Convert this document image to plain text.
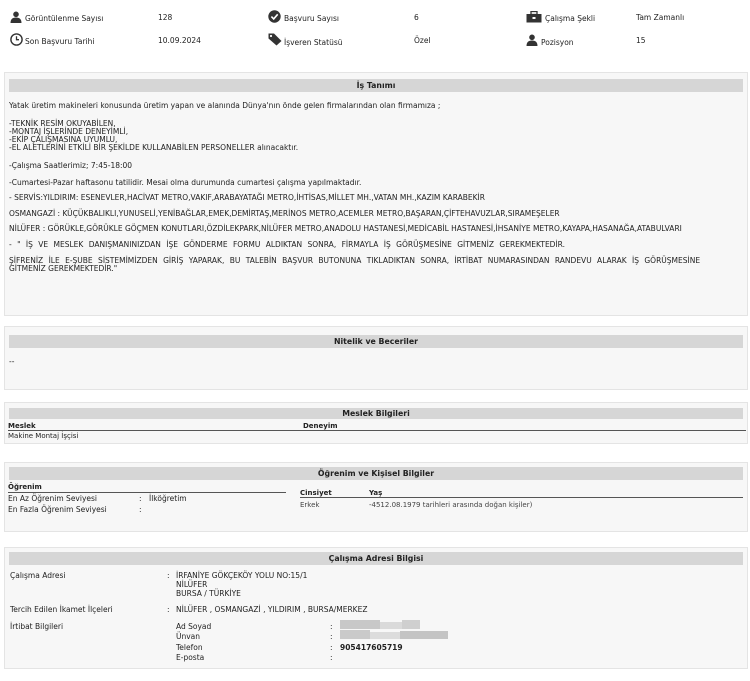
Görüntülenme Sayısı	128	Başvuru Sayısı	6	Çalışma Şekli	Tam Zamanlı
Son Başvuru Tarihi	10.09.2024	İşveren Statüsü	Özel	Pozisyon	15
İş Tanımı
Yatak üretim makineleri konusunda üretim yapan ve alanında Dünya'nın önde gelen firmalarından olan firmamıza ;
-TEKNİK RESİM OKUYABİLEN,
-MONTAJ İŞLERİNDE DENEYİMLİ,
-EKİP ÇALIŞMASINA UYUMLU,
-EL ALETLERİNİ ETKİLİ BİR ŞEKİLDE KULLANABİLEN PERSONELLER alınacaktır.
-Çalışma Saatlerimiz; 7:45-18:00
-Cumartesi-Pazar haftasonu tatilidir. Mesai olma durumunda cumartesi çalışma yapılmaktadır.
- SERVİS:YILDIRIM: ESENEVLER,HACİVAT METRO,VAKIF,ARABAYATAĞI METRO,İHTİSAS,MİLLET MH.,VATAN MH.,KAZIM KARABEKİR
OSMANGAZİ : KÜÇÜKBALIKLI,YUNUSELİ,YENİBAĞLAR,EMEK,DEMİRTAŞ,MERİNOS METRO,ACEMLER METRO,BAŞARAN,ÇİFTEHAVUZLAR,SIRAMEŞELER
NİLÜFER : GÖRÜKLE,GÖRÜKLE GÖÇMEN KONUTLARI,ÖZDİLEKPARK,NİLÜFER METRO,ANADOLU HASTANESİ,MEDİCABİL HASTANESİ,İHSANİYE METRO,KAYAPA,HASANAĞA,ATABULVARI
- " İŞ VE MESLEK DANIŞMANINIZDAN İŞE GÖNDERME FORMU ALDIKTAN SONRA, FİRMAYLA İŞ GÖRÜŞMESİNE GİTMENİZ GEREKMEKTEDİR.
ŞİFRENİZ İLE E-ŞUBE SİSTEMİMİZDEN GİRİŞ YAPARAK, BU TALEBİN BAŞVUR BUTONUNA TIKLADIKTAN SONRA, İRTİBAT NUMARASINDAN RANDEVU ALARAK İŞ GÖRÜŞMESİNE
GİTMENİZ GEREKMEKTEDİR."
Nitelik ve Beceriler
--
Meslek Bilgileri
Meslek	Deneyim
Makine Montaj İşçisi
Öğrenim ve Kişisel Bilgiler
Öğrenim
En Az Öğrenim Seviyesi	: İlköğretim
En Fazla Öğrenim Seviyesi	:
Cinsiyet	Yaş
Erkek	-4512.08.1979 tarihleri arasında doğan kişiler)
Çalışma Adresi Bilgisi
Çalışma Adresi	: İRFANİYE GÖKÇEKÖY YOLU NO:15/1
NİLÜFER
BURSA / TÜRKİYE
Tercih Edilen İkamet İlçeleri	: NİLÜFER , OSMANGAZİ , YILDIRIM , BURSA/MERKEZ
İrtibat Bilgileri	Ad Soyad	:
Ünvan	:
Telefon	: 905417605719
E-posta	:
